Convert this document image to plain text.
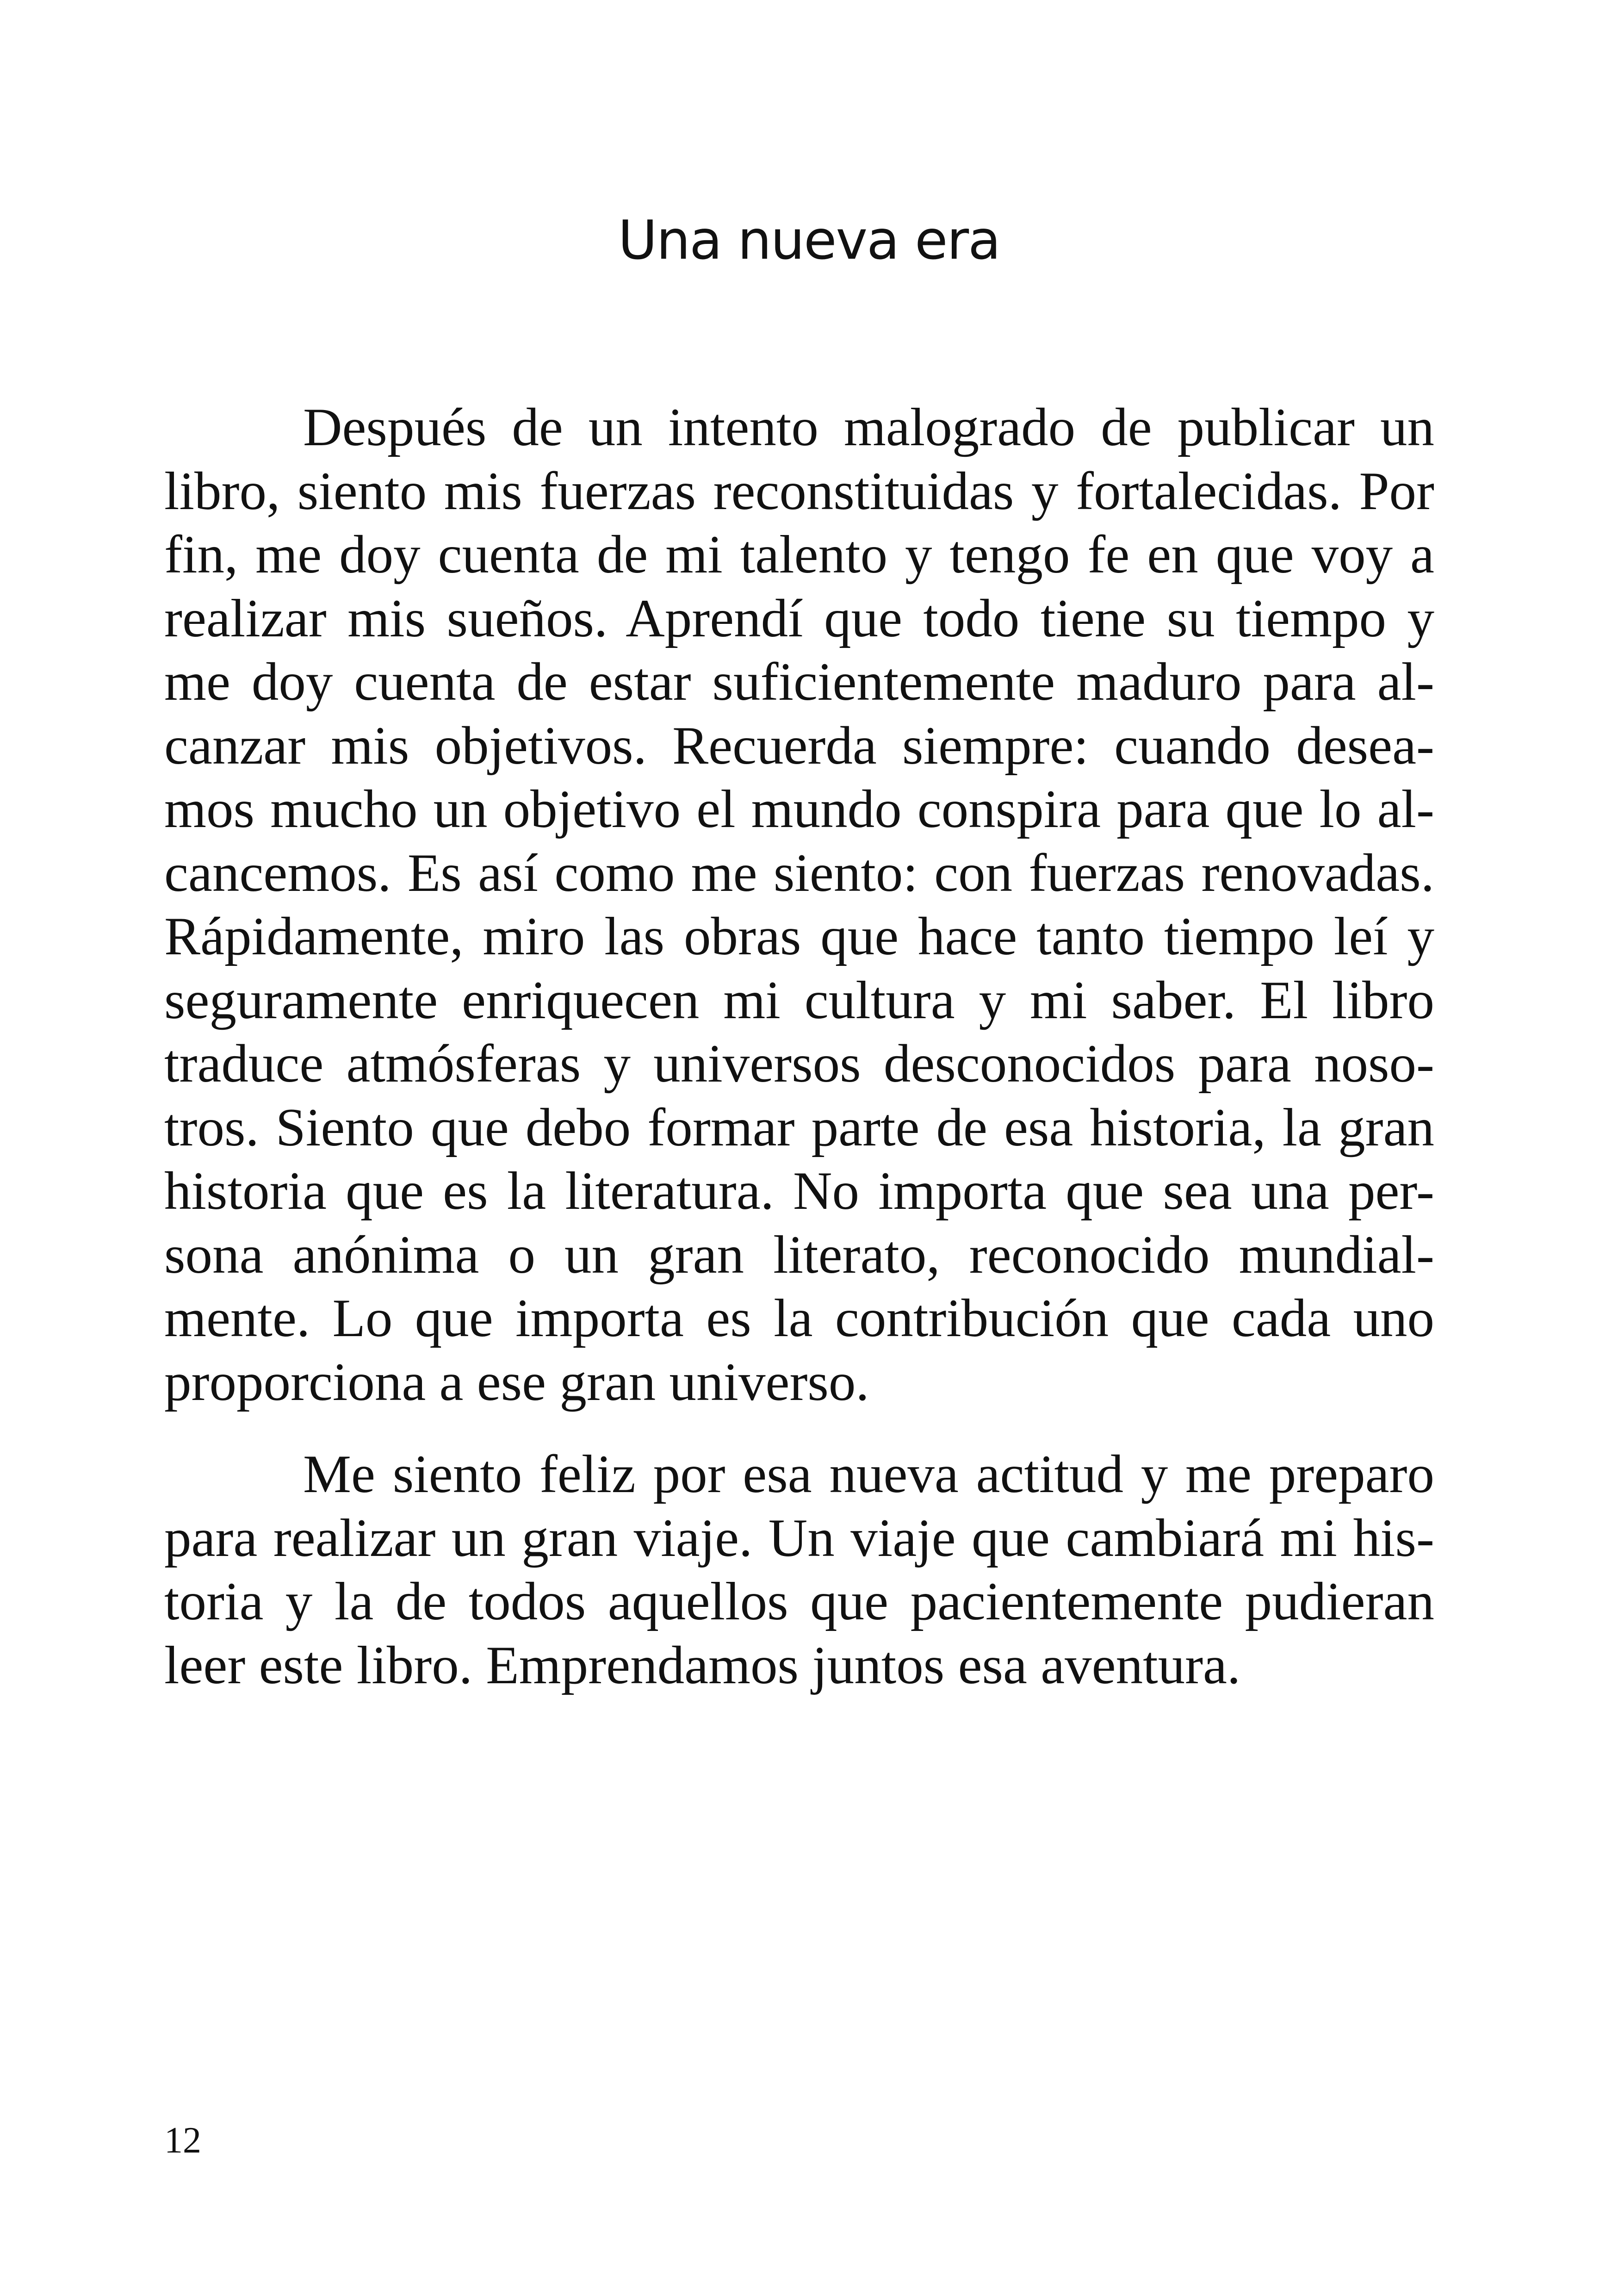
Una nueva era

Después de un intento malogrado de publicar un
libro, siento mis fuerzas reconstituidas y fortalecidas. Por
fin, me doy cuenta de mi talento y tengo fe en que voy a
realizar mis sueños. Aprendí que todo tiene su tiempo y
me doy cuenta de estar suficientemente maduro para al-
canzar mis objetivos. Recuerda siempre: cuando desea-
mos mucho un objetivo el mundo conspira para que lo al-
cancemos. Es así como me siento: con fuerzas renovadas.
Rápidamente, miro las obras que hace tanto tiempo leí y
seguramente enriquecen mi cultura y mi saber. El libro
traduce atmósferas y universos desconocidos para noso-
tros. Siento que debo formar parte de esa historia, la gran
historia que es la literatura. No importa que sea una per-
sona anónima o un gran literato, reconocido mundial-
mente. Lo que importa es la contribución que cada uno
proporciona a ese gran universo.

Me siento feliz por esa nueva actitud y me preparo
para realizar un gran viaje. Un viaje que cambiará mi his-
toria y la de todos aquellos que pacientemente pudieran
leer este libro. Emprendamos juntos esa aventura.

12
